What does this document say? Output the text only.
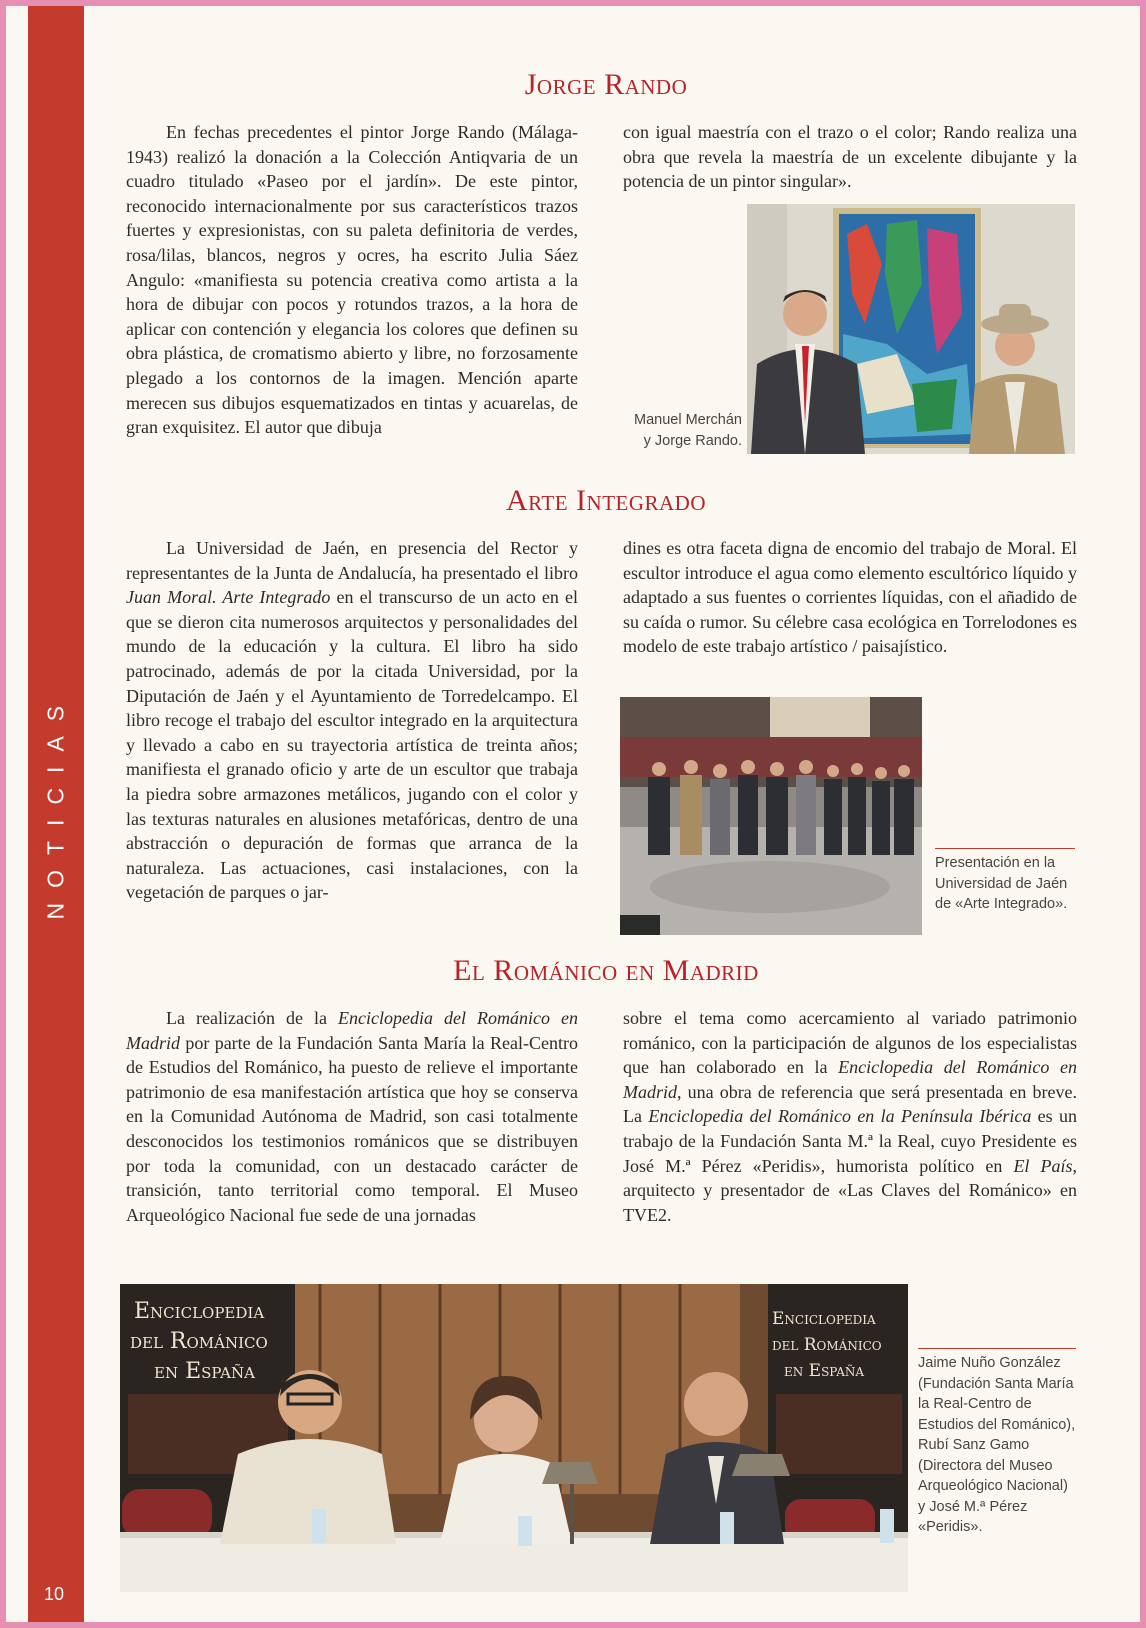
NOTICIAS
10
Jorge Rando

En fechas precedentes el pintor Jorge Rando (Málaga-1943) realizó la donación a la Colección Antiqvaria de un cuadro titulado «Paseo por el jardín». De este pintor, reconocido internacionalmente por sus característicos trazos fuertes y expresionistas, con su paleta definitoria de verdes, rosa/lilas, blancos, negros y ocres, ha escrito Julia Sáez Angulo: «manifiesta su potencia creativa como artista a la hora de dibujar con pocos y rotundos trazos, a la hora de aplicar con contención y elegancia los colores que definen su obra plástica, de cromatismo abierto y libre, no forzosamente plegado a los contornos de la imagen. Mención aparte merecen sus dibujos esquematizados en tintas y acuarelas, de gran exquisitez. El autor que dibuja

con igual maestría con el trazo o el color; Rando realiza una obra que revela la maestría de un excelente dibujante y la potencia de un pintor singular».

Manuel Merchán y Jorge Rando.
Arte Integrado

La Universidad de Jaén, en presencia del Rector y representantes de la Junta de Andalucía, ha presentado el libro Juan Moral. Arte Integrado en el transcurso de un acto en el que se dieron cita numerosos arquitectos y personalidades del mundo de la educación y la cultura. El libro ha sido patrocinado, además de por la citada Universidad, por la Diputación de Jaén y el Ayuntamiento de Torredelcampo. El libro recoge el trabajo del escultor integrado en la arquitectura y llevado a cabo en su trayectoria artística de treinta años; manifiesta el granado oficio y arte de un escultor que trabaja la piedra sobre armazones metálicos, jugando con el color y las texturas naturales en alusiones metafóricas, dentro de una abstracción o depuración de formas que arranca de la naturaleza. Las actuaciones, casi instalaciones, con la vegetación de parques o jar-

dines es otra faceta digna de encomio del trabajo de Moral. El escultor introduce el agua como elemento escultórico líquido y adaptado a sus fuentes o corrientes líquidas, con el añadido de su caída o rumor. Su célebre casa ecológica en Torrelodones es modelo de este trabajo artístico / paisajístico.

Presentación en la Universidad de Jaén de «Arte Integrado».
El Románico en Madrid

La realización de la Enciclopedia del Románico en Madrid por parte de la Fundación Santa María la Real-Centro de Estudios del Románico, ha puesto de relieve el importante patrimonio de esa manifestación artística que hoy se conserva en la Comunidad Autónoma de Madrid, son casi totalmente desconocidos los testimonios románicos que se distribuyen por toda la comunidad, con un destacado carácter de transición, tanto territorial como temporal. El Museo Arqueológico Nacional fue sede de una jornadas

sobre el tema como acercamiento al variado patrimonio románico, con la participación de algunos de los especialistas que han colaborado en la Enciclopedia del Románico en Madrid, una obra de referencia que será presentada en breve. La Enciclopedia del Románico en la Península Ibérica es un trabajo de la Fundación Santa M.ª la Real, cuyo Presidente es José M.ª Pérez «Peridis», humorista político en El País, arquitecto y presentador de «Las Claves del Románico» en TVE2.

Enciclopedia
del Románico
en España
Enciclopedia
del Románico
en España	Jaime Nuño González (Fundación Santa María la Real-Centro de Estudios del Románico), Rubí Sanz Gamo (Directora del Museo Arqueológico Nacional) y José M.ª Pérez «Peridis».
